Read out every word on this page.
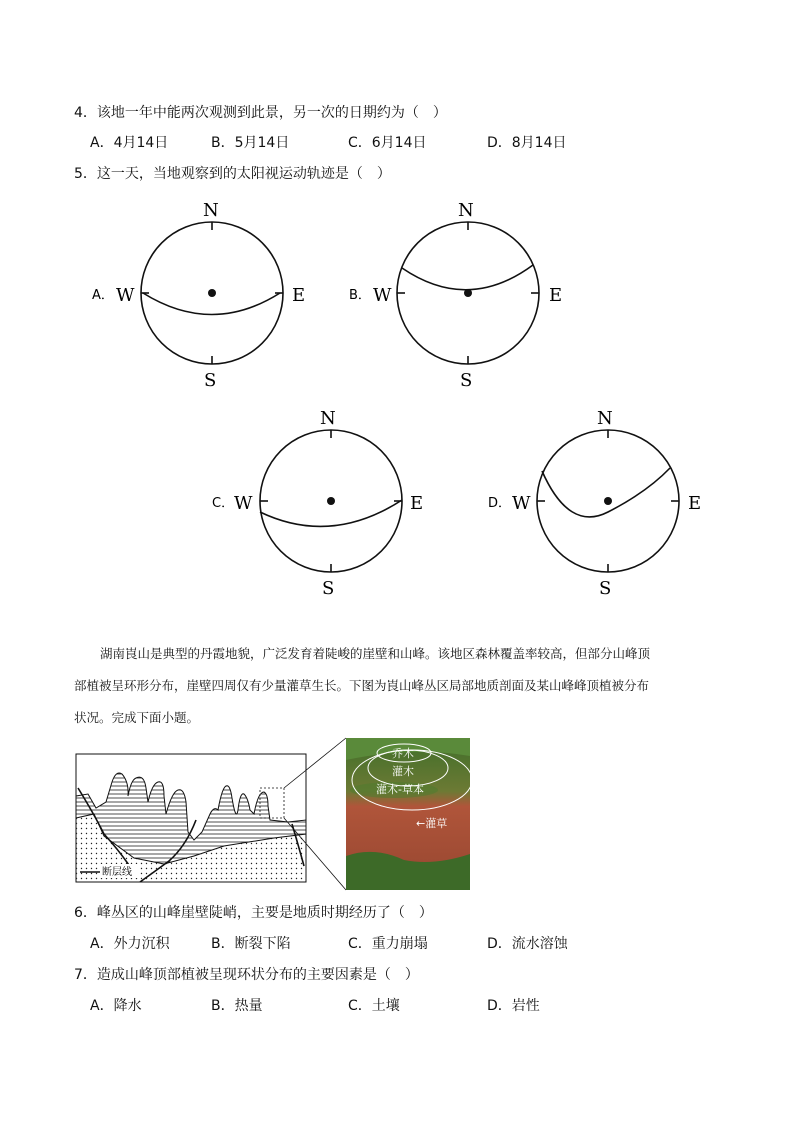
4．该地一年中能两次观测到此景，另一次的日期约为（　）
A．4月14日	B．5月14日	C．6月14日	D．8月14日
5．这一天，当地观察到的太阳视运动轨迹是（　）
A． W	E
N
S
B． W	E
N
S
C． W	E
N
S
D． W	E
N
S
湖南崀山是典型的丹霞地貌，广泛发育着陡峻的崖壁和山峰。该地区森林覆盖率较高，但部分山峰顶
部植被呈环形分布，崖壁四周仅有少量灌草生长。下图为崀山峰丛区局部地质剖面及某山峰峰顶植被分布
状况。完成下面小题。
断层线
乔木
灌木
灌木-草本
←灌草
6．峰丛区的山峰崖壁陡峭，主要是地质时期经历了（　）
A．外力沉积	B．断裂下陷	C．重力崩塌	D．流水溶蚀
7．造成山峰顶部植被呈现环状分布的主要因素是（　）
A．降水	B．热量	C．土壤	D．岩性
